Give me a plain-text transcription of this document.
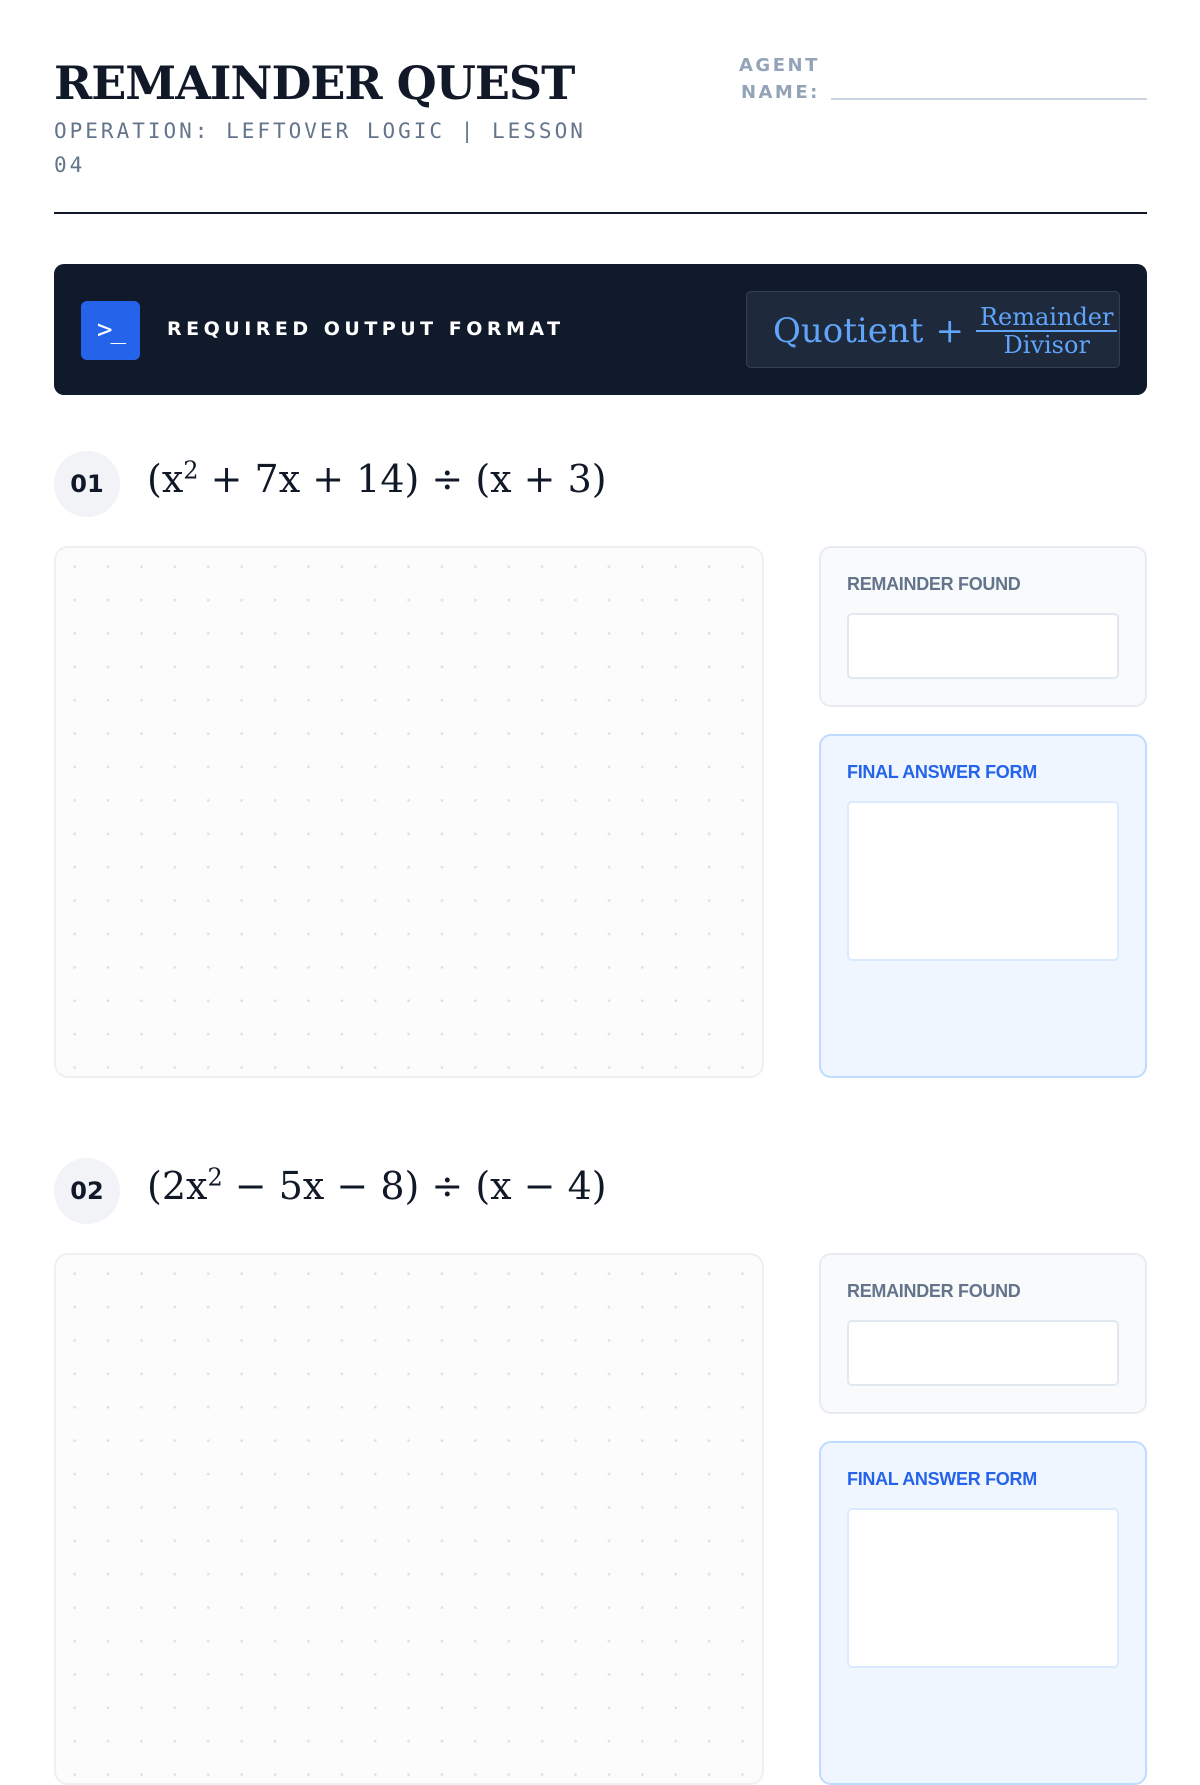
REMAINDER QUEST
OPERATION: LEFTOVER LOGIC | LESSON 04
AGENT
NAME:
>_	REQUIRED OUTPUT FORMAT	Quotient + $\frac{\text{Remainder}}{\text{Divisor}}$
01	$(x^2 + 7x + 14) \div (x + 3)$
REMAINDER FOUND
FINAL ANSWER FORM
02	$(2x^2 - 5x - 8) \div (x - 4)$
REMAINDER FOUND
FINAL ANSWER FORM
